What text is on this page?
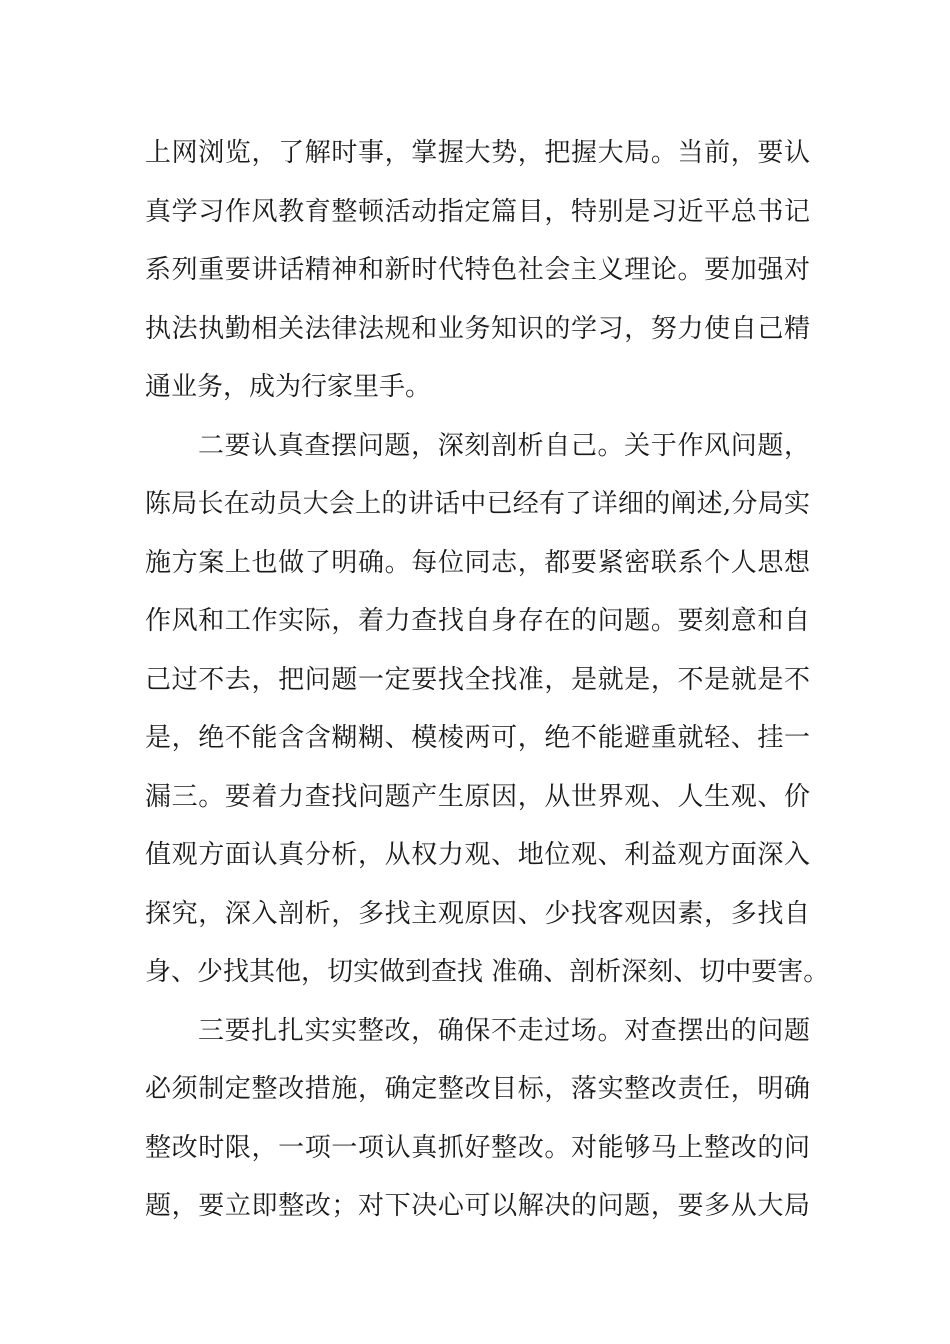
上网浏览，了解时事，掌握大势，把握大局。当前，要认
真学习作风教育整顿活动指定篇目，特别是习近平总书记
系列重要讲话精神和新时代特色社会主义理论。要加强对
执法执勤相关法律法规和业务知识的学习，努力使自己精
通业务，成为行家里手。
二要认真查摆问题，深刻剖析自己。关于作风问题，
陈局长在动员大会上的讲话中已经有了详细的阐述,分局实
施方案上也做了明确。每位同志，都要紧密联系个人思想
作风和工作实际，着力查找自身存在的问题。要刻意和自
己过不去，把问题一定要找全找准，是就是，不是就是不
是，绝不能含含糊糊、模棱两可，绝不能避重就轻、挂一
漏三。要着力查找问题产生原因，从世界观、人生观、价
值观方面认真分析，从权力观、地位观、利益观方面深入
探究，深入剖析，多找主观原因、少找客观因素，多找自
身、少找其他，切实做到查找 准确、剖析深刻、切中要害。
三要扎扎实实整改，确保不走过场。对查摆出的问题
必须制定整改措施，确定整改目标，落实整改责任，明确
整改时限，一项一项认真抓好整改。对能够马上整改的问
题，要立即整改；对下决心可以解决的问题，要多从大局
